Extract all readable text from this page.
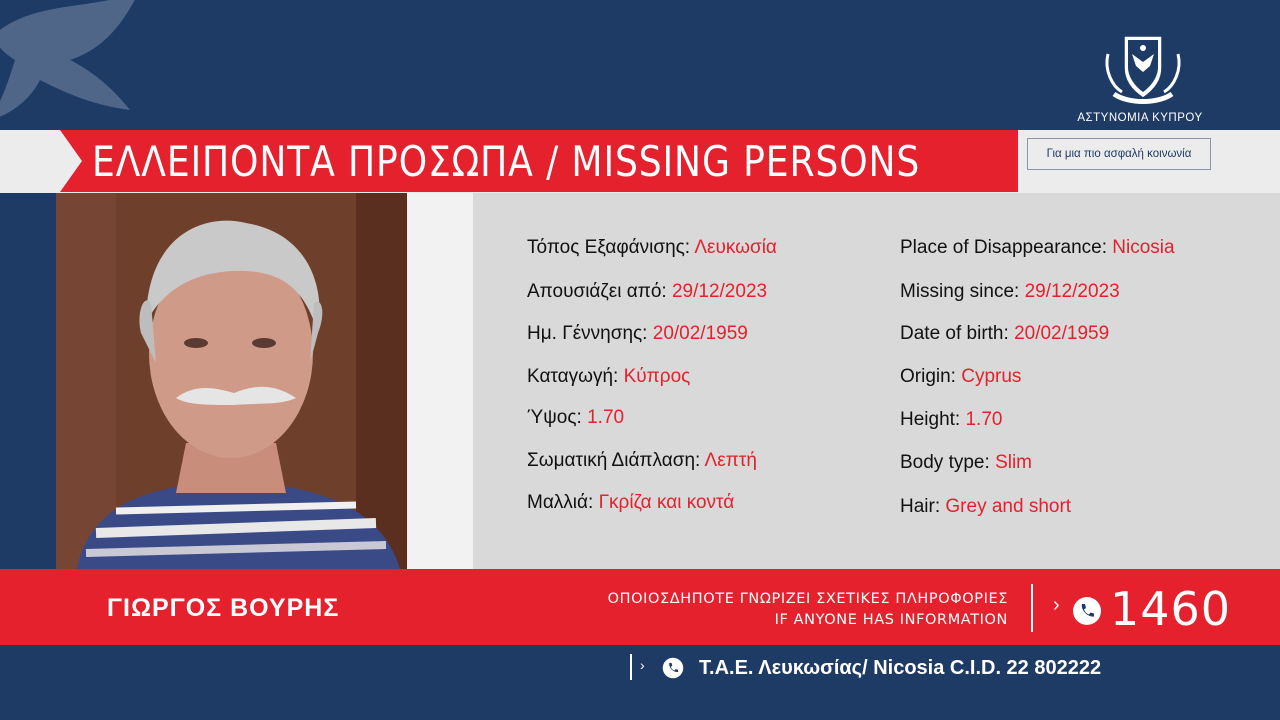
ΑΣΤΥΝΟΜΙΑ ΚΥΠΡΟΥ
ΕΛΛΕΙΠΟΝΤΑ ΠΡΟΣΩΠΑ / MISSING PERSONS	Για μια πιο ασφαλή κοινωνία
Τόπος Εξαφάνισης: Λευκωσία
Απουσιάζει από: 29/12/2023
Ημ. Γέννησης: 20/02/1959
Καταγωγή: Κύπρος
Ύψος: 1.70
Σωματική Διάπλαση: Λεπτή
Μαλλιά: Γκρίζα και κοντά
Place of Disappearance: Nicosia
Missing since: 29/12/2023
Date of birth: 20/02/1959
Origin: Cyprus
Height: 1.70
Body type: Slim
Hair: Grey and short
ΓΙΩΡΓΟΣ ΒΟΥΡΗΣ	ΟΠΟΙΟΣΔΗΠΟΤΕ ΓΝΩΡΙΖΕΙ ΣΧΕΤΙΚΕΣ ΠΛΗΡΟΦΟΡΙΕΣ
IF ANYONE HAS INFORMATION
› 1460
›	Τ.Α.Ε. Λευκωσίας/ Nicosia C.I.D. 22 802222
